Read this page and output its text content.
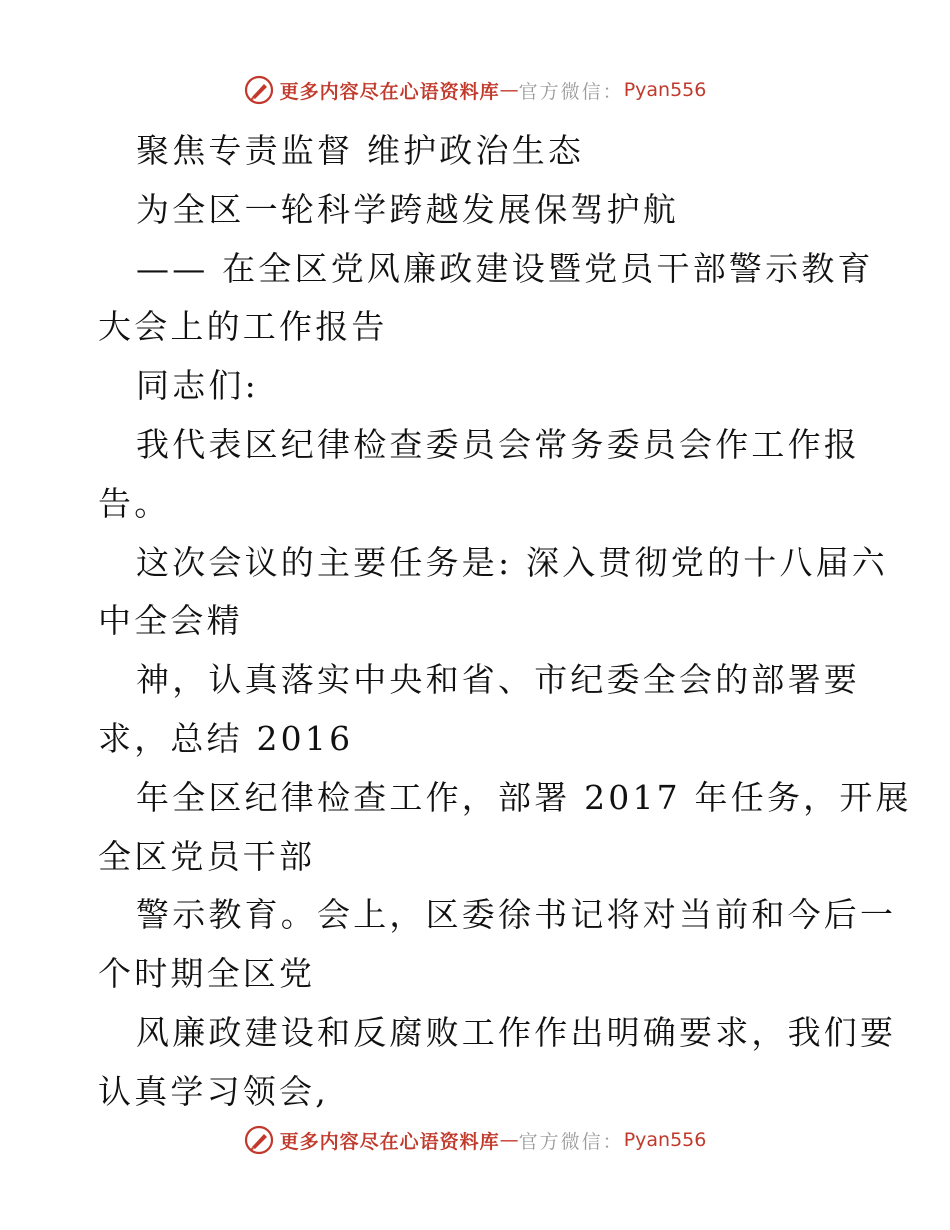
更多内容尽在心语资料库 — 官方微信： Pyan556
聚焦专责监督 维护政治生态
为全区一轮科学跨越发展保驾护航
—— 在全区党风廉政建设暨党员干部警示教育
大会上的工作报告
同志们:
我代表区纪律检查委员会常务委员会作工作报
告。
这次会议的主要任务是: 深入贯彻党的十八届六
中全会精
神，认真落实中央和省、市纪委全会的部署要
求，总结 2016
年全区纪律检查工作，部署 2017 年任务，开展
全区党员干部
警示教育。会上，区委徐书记将对当前和今后一
个时期全区党
风廉政建设和反腐败工作作出明确要求，我们要
认真学习领会,
更多内容尽在心语资料库 — 官方微信： Pyan556
